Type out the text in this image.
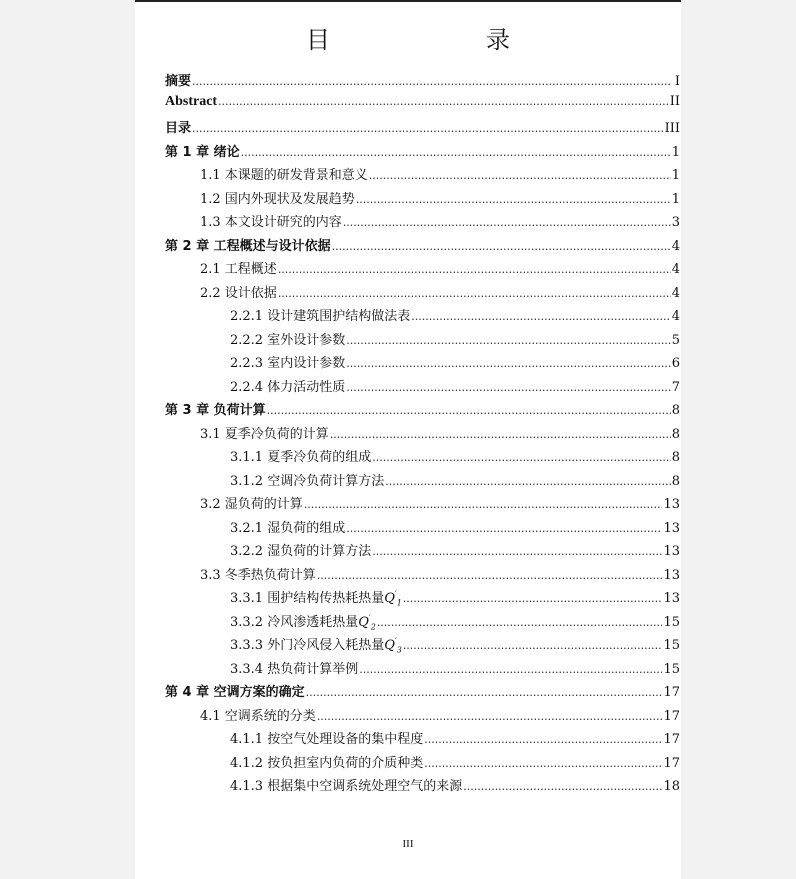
目　　录
摘要 .....	I
Abstract .....	II
目录 .....	III
第 1 章 绪论 .....	1
1.1 本课题的研发背景和意义 .....	1
1.2 国内外现状及发展趋势 .....	1
1.3 本文设计研究的内容 .....	3
第 2 章 工程概述与设计依据 .....	4
2.1 工程概述 .....	4
2.2 设计依据 .....	4
2.2.1 设计建筑围护结构做法表 .....	4
2.2.2 室外设计参数 .....	5
2.2.3 室内设计参数 .....	6
2.2.4 体力活动性质 .....	7
第 3 章 负荷计算 .....	8
3.1 夏季冷负荷的计算 .....	8
3.1.1 夏季冷负荷的组成 .....	8
3.1.2 空调冷负荷计算方法 .....	8
3.2 湿负荷的计算 .....	13
3.2.1 湿负荷的组成 .....	13
3.2.2 湿负荷的计算方法 .....	13
3.3 冬季热负荷计算 .....	13
3.3.1 围护结构传热耗热量$Q'_1$ .....	13
3.3.2 冷风渗透耗热量$Q'_2$ .....	15
3.3.3 外门冷风侵入耗热量$Q'_3$ .....	15
3.3.4 热负荷计算举例 .....	15
第 4 章 空调方案的确定 .....	17
4.1 空调系统的分类 .....	17
4.1.1 按空气处理设备的集中程度 .....	17
4.1.2 按负担室内负荷的介质种类 .....	17
4.1.3 根据集中空调系统处理空气的来源 .....	18
III
